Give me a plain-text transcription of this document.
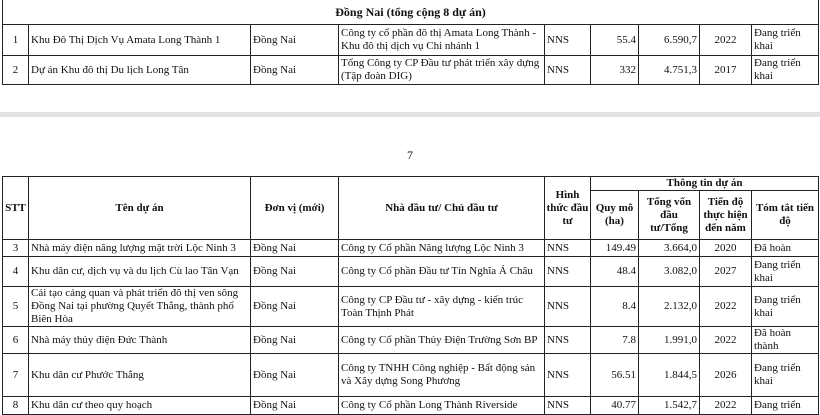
Đồng Nai (tổng cộng 8 dự án)								
1	Khu Đô Thị Dịch Vụ Amata Long Thành 1	Đồng Nai	Công ty cổ phần đô thị Amata Long Thành - Khu đô thị dịch vụ Chi nhánh 1	NNS	55.4	6.590,7	2022	Đang triển khai
2	Dự án Khu đô thị Du lịch Long Tân	Đồng Nai	Tổng Công ty CP Đầu tư phát triển xây dựng (Tập đoàn DIG)	NNS	332	4.751,3	2017	Đang triển khai
7
STT	Tên dự án	Đơn vị (mới)	Nhà đầu tư/ Chủ đầu tư	Hình thức đầu tư	Thông tin dự án			
					Quy mô (ha)	Tổng vốn đầu tư/Tổng	Tiến độ thực hiện đến năm	Tóm tắt tiến độ
3	Nhà máy điện năng lượng mặt trời Lộc Ninh 3	Đồng Nai	Công ty Cổ phần Năng lượng Lộc Ninh 3	NNS	149.49	3.664,0	2020	Đã hoàn

4	Khu dân cư, dịch vụ và du lịch Cù lao Tân Vạn	Đồng Nai	Công ty Cổ phần Đầu tư Tín Nghĩa Á Châu	NNS	48.4	3.082,0	2027	Đang triển khai
5	Cải tạo cảng quan và phát triển đô thị ven sông Đồng Nai tại phường Quyết Thắng, thành phố Biên Hòa	Đồng Nai	Công ty CP Đầu tư - xây dựng - kiến trúc Toàn Thịnh Phát	NNS	8.4	2.132,0	2022	Đang triển khai
6	Nhà máy thủy điện Đức Thành	Đồng Nai	Công ty Cổ phần Thủy Điện Trường Sơn BP	NNS	7.8	1.991,0	2022	Đã hoàn thành
7	Khu dân cư Phước Thắng	Đồng Nai	Công ty TNHH Công nghiệp - Bất động sản và Xây dựng Song Phương	NNS	56.51	1.844,5	2026	Đang triển khai
8	Khu dân cư theo quy hoạch	Đồng Nai	Công ty Cổ phần Long Thành Riverside	NNS	40.77	1.542,7	2022	Đang triển
